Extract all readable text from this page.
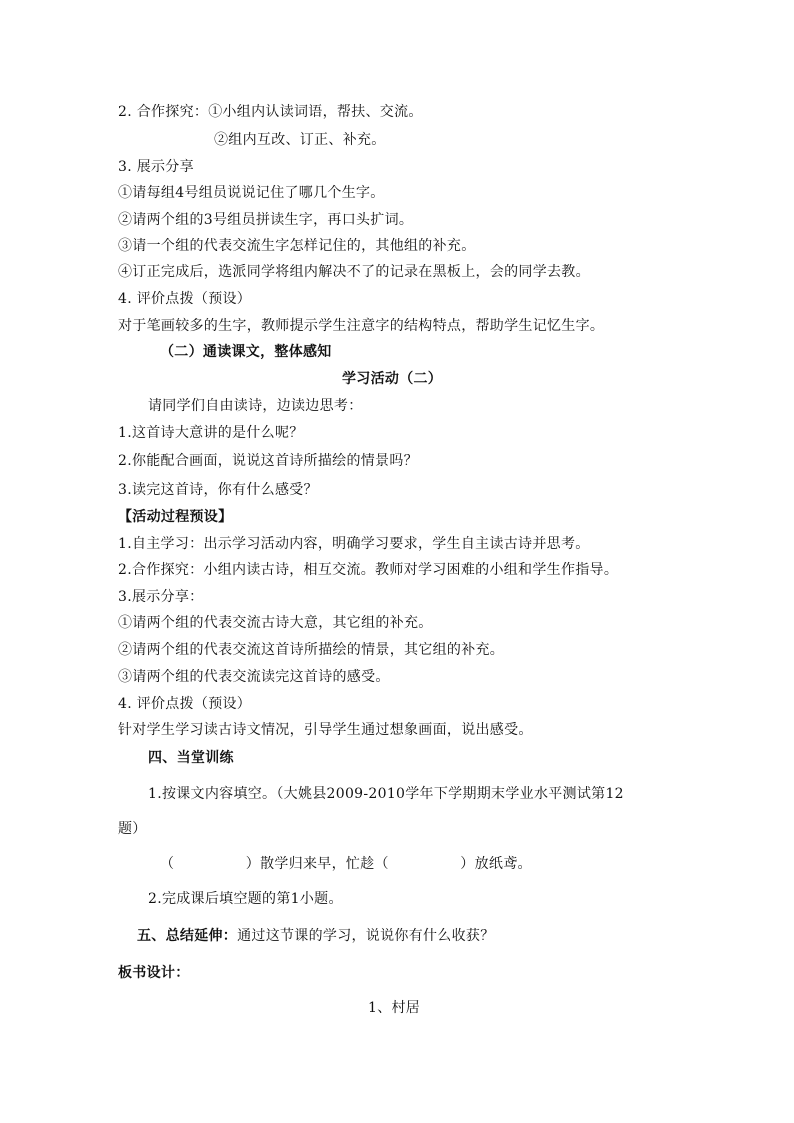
2. 合作探究：①小组内认读词语，帮扶、交流。
②组内互改、订正、补充。
3. 展示分享
①请每组4号组员说说记住了哪几个生字。
②请两个组的3号组员拼读生字，再口头扩词。
③请一个组的代表交流生字怎样记住的，其他组的补充。
④订正完成后，选派同学将组内解决不了的记录在黑板上，会的同学去教。
4. 评价点拨（预设）
对于笔画较多的生字，教师提示学生注意字的结构特点，帮助学生记忆生字。
（二）通读课文，整体感知
学习活动（二）
请同学们自由读诗，边读边思考：
1.这首诗大意讲的是什么呢？
2.你能配合画面，说说这首诗所描绘的情景吗？
3.读完这首诗，你有什么感受？
【活动过程预设】
1.自主学习：出示学习活动内容，明确学习要求，学生自主读古诗并思考。
2.合作探究：小组内读古诗，相互交流。教师对学习困难的小组和学生作指导。
3.展示分享：
①请两个组的代表交流古诗大意，其它组的补充。
②请两个组的代表交流这首诗所描绘的情景，其它组的补充。
③请两个组的代表交流读完这首诗的感受。
4. 评价点拨（预设）
针对学生学习读古诗文情况，引导学生通过想象画面，说出感受。
四、当堂训练
1.按课文内容填空。（大姚县2009-2010学年下学期期末学业水平测试第12
题）
（　　　　　）散学归来早，忙趁（　　　　　）放纸鸢。
2.完成课后填空题的第1小题。
五、总结延伸：通过这节课的学习，说说你有什么收获？
板书设计：
1、村居
